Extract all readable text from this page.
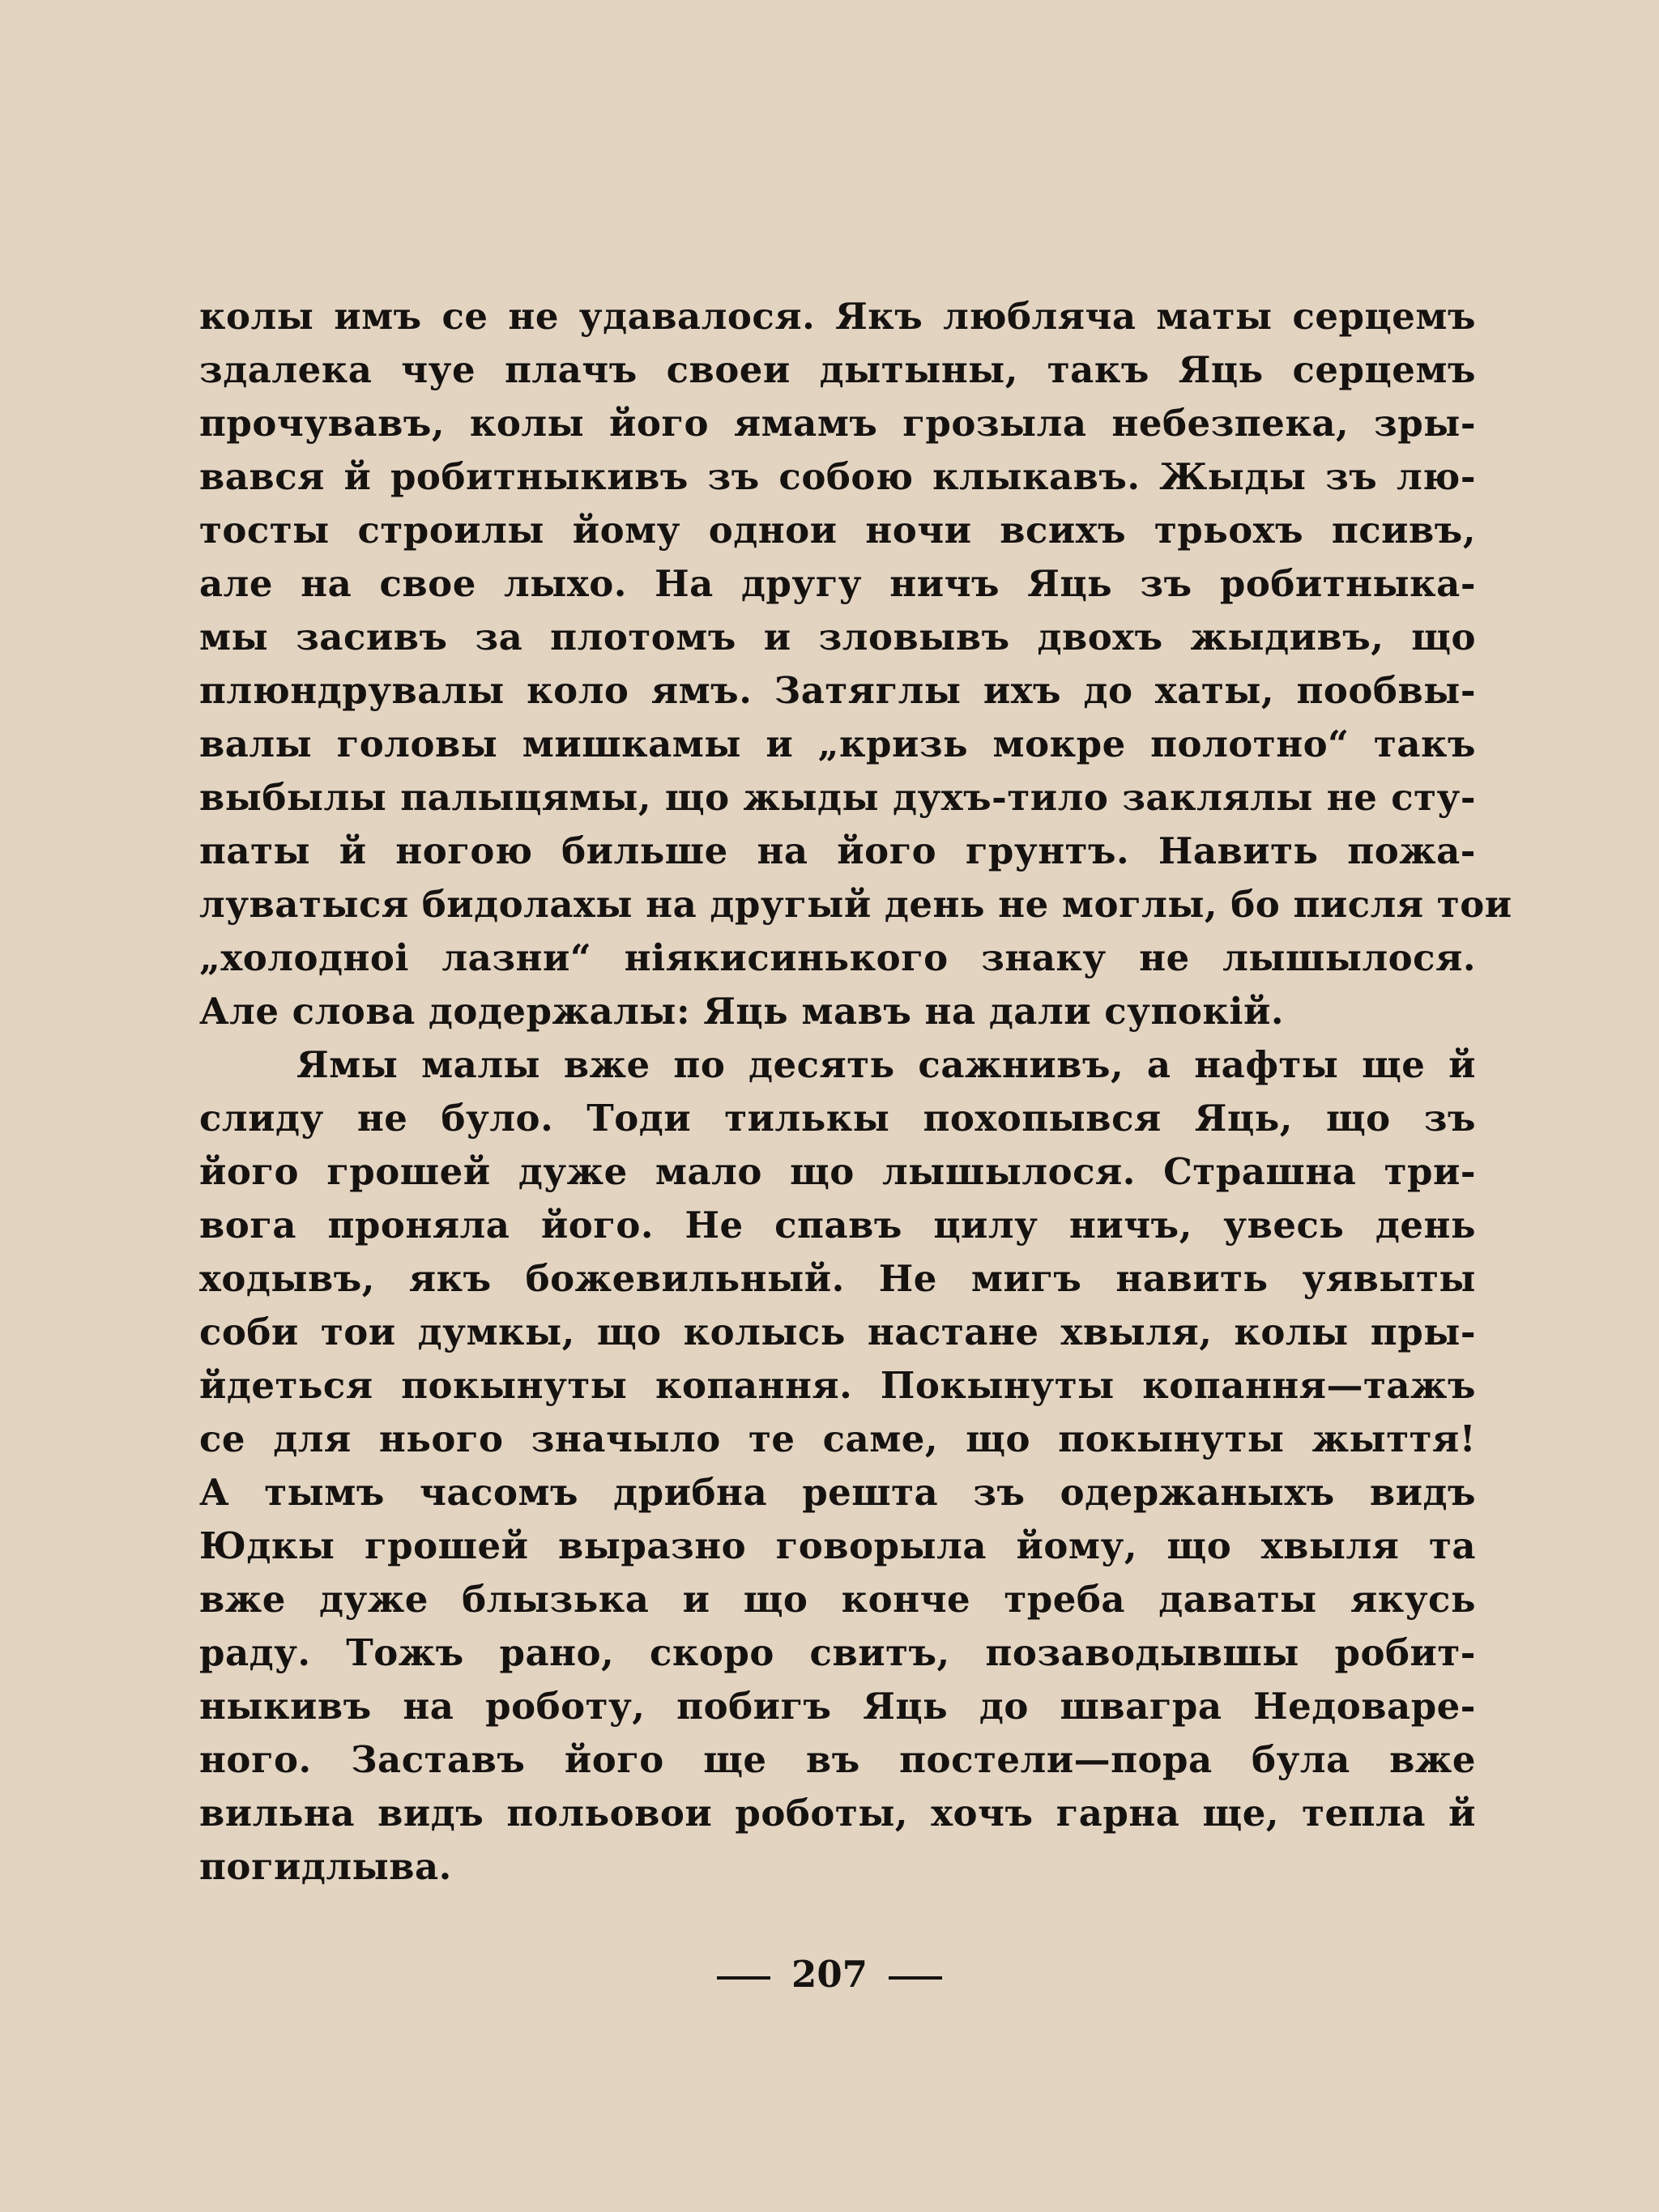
колы имъ се не удавалося. Якъ любляча маты серцемъ
здалека чуе плачъ своеи дытыны, такъ Яць серцемъ
прочувавъ, колы його ямамъ грозыла небезпека, зры-
вався й робитныкивъ зъ собою клыкавъ. Жыды зъ лю-
тосты строилы йому однои ночи всихъ трьохъ псивъ,
але на свое лыхо. На другу ничъ Яць зъ робитныка-
мы засивъ за плотомъ и зловывъ двохъ жыдивъ, що
плюндрувалы коло ямъ. Затяглы ихъ до хаты, пообвы-
валы головы мишкамы и „кризь мокре полотно“ такъ
выбылы палыцямы, що жыды духъ-тило заклялы не сту-
паты й ногою бильше на його грунтъ. Навить пожа-
луватыся бидолахы на другый день не моглы, бо писля тои
„холодноі лазни“ ніякисинького знаку не лышылося.
Але слова додержалы: Яць мавъ на дали супокій.
Ямы малы вже по десять сажнивъ, а нафты ще й
слиду не було. Тоди тилькы похопывся Яць, що зъ
його грошей дуже мало що лышылося. Страшна три-
вога проняла його. Не спавъ цилу ничъ, увесь день
ходывъ, якъ божевильный. Не мигъ навить уявыты
соби тои думкы, що колысь настане хвыля, колы пры-
йдеться покынуты копання. Покынуты копання—тажъ
се для нього значыло те саме, що покынуты жыття!
А тымъ часомъ дрибна решта зъ одержаныхъ видъ
Юдкы грошей выразно говорыла йому, що хвыля та
вже дуже блызька и що конче треба даваты якусь
раду. Тожъ рано, скоро свитъ, позаводывшы робит-
ныкивъ на роботу, побигъ Яць до швагра Недоваре-
ного. Заставъ його ще въ постели—пора була вже
вильна видъ польовои роботы, хочъ гарна ще, тепла й
погидлыва.
207
